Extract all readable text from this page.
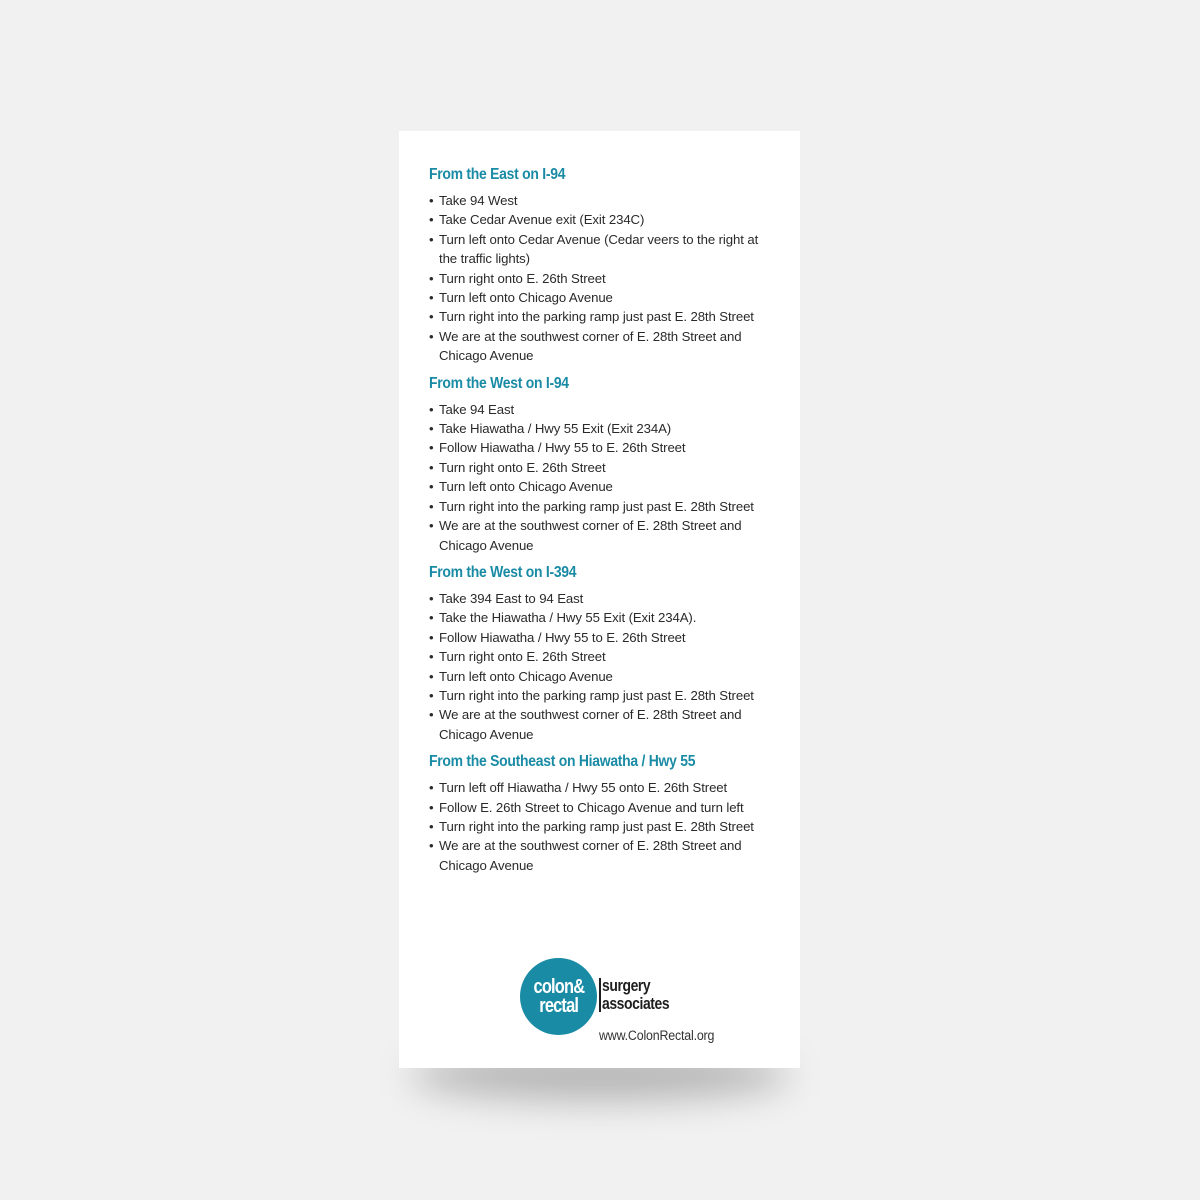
From the East on I-94
• Take 94 West
• Take Cedar Avenue exit (Exit 234C)
• Turn left onto Cedar Avenue (Cedar veers to the right at the traffic lights)
• Turn right onto E. 26th Street
• Turn left onto Chicago Avenue
• Turn right into the parking ramp just past E. 28th Street
• We are at the southwest corner of E. 28th Street and Chicago Avenue
From the West on I-94
• Take 94 East
• Take Hiawatha / Hwy 55 Exit (Exit 234A)
• Follow Hiawatha / Hwy 55 to E. 26th Street
• Turn right onto E. 26th Street
• Turn left onto Chicago Avenue
• Turn right into the parking ramp just past E. 28th Street
• We are at the southwest corner of E. 28th Street and Chicago Avenue
From the West on I-394
• Take 394 East to 94 East
• Take the Hiawatha / Hwy 55 Exit (Exit 234A).
• Follow Hiawatha / Hwy 55 to E. 26th Street
• Turn right onto E. 26th Street
• Turn left onto Chicago Avenue
• Turn right into the parking ramp just past E. 28th Street
• We are at the southwest corner of E. 28th Street and Chicago Avenue
From the Southeast on Hiawatha / Hwy 55
• Turn left off Hiawatha / Hwy 55 onto E. 26th Street
• Follow E. 26th Street to Chicago Avenue and turn left
• Turn right into the parking ramp just past E. 28th Street
• We are at the southwest corner of E. 28th Street and Chicago Avenue
colon&
rectal
surgery
associates
www.ColonRectal.org
